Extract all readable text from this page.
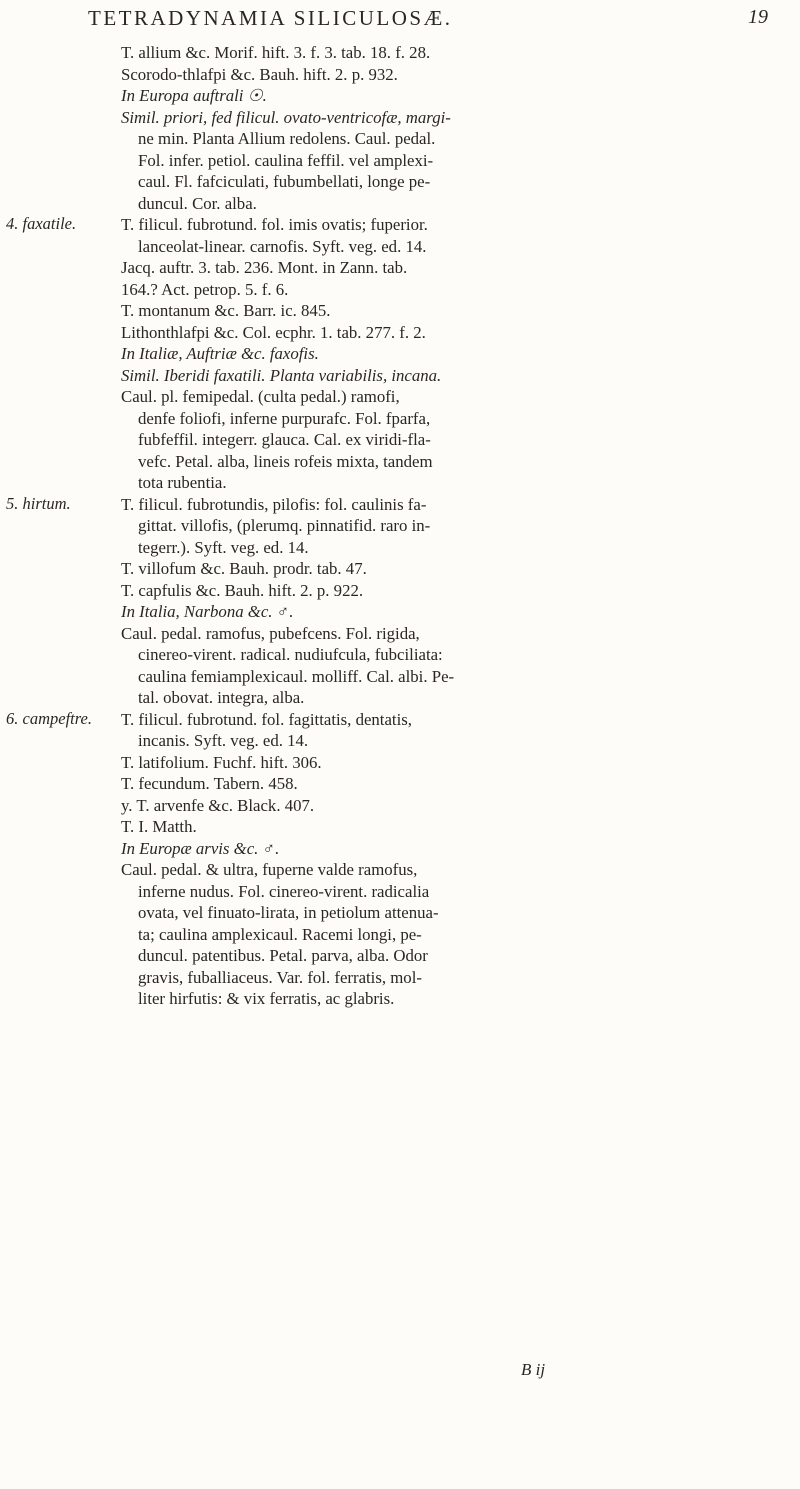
TETRADYNAMIA SILICULOSÆ.	19
T. allium &c. Morif. hift. 3. f. 3. tab. 18. f. 28.
Scorodo-thlafpi &c. Bauh. hift. 2. p. 932.
In Europa auftrali ☉.
Simil. priori, fed filicul. ovato-ventricofæ, margi-
ne min. Planta Allium redolens. Caul. pedal.
Fol. infer. petiol. caulina feffil. vel amplexi-
caul. Fl. fafciculati, fubumbellati, longe pe-
duncul. Cor. alba.
4. faxatile.	T. filicul. fubrotund. fol. imis ovatis; fuperior.
lanceolat-linear. carnofis. Syft. veg. ed. 14.
Jacq. auftr. 3. tab. 236. Mont. in Zann. tab.
164.? Act. petrop. 5. f. 6.
T. montanum &c. Barr. ic. 845.
Lithonthlafpi &c. Col. ecphr. 1. tab. 277. f. 2.
In Italiæ, Auftriæ &c. faxofis.
Simil. Iberidi faxatili. Planta variabilis, incana.
Caul. pl. femipedal. (culta pedal.) ramofi,
denfe foliofi, inferne purpurafc. Fol. fparfa,
fubfeffil. integerr. glauca. Cal. ex viridi-fla-
vefc. Petal. alba, lineis rofeis mixta, tandem
tota rubentia.
5. hirtum.	T. filicul. fubrotundis, pilofis: fol. caulinis fa-
gittat. villofis, (plerumq. pinnatifid. raro in-
tegerr.). Syft. veg. ed. 14.
T. villofum &c. Bauh. prodr. tab. 47.
T. capfulis &c. Bauh. hift. 2. p. 922.
In Italia, Narbona &c. ♂.
Caul. pedal. ramofus, pubefcens. Fol. rigida,
cinereo-virent. radical. nudiufcula, fubciliata:
caulina femiamplexicaul. molliff. Cal. albi. Pe-
tal. obovat. integra, alba.
6. campeftre.	T. filicul. fubrotund. fol. fagittatis, dentatis,
incanis. Syft. veg. ed. 14.
T. latifolium. Fuchf. hift. 306.
T. fecundum. Tabern. 458.
y. T. arvenfe &c. Black. 407.
T. I. Matth.
In Europæ arvis &c. ♂.
Caul. pedal. & ultra, fuperne valde ramofus,
inferne nudus. Fol. cinereo-virent. radicalia
ovata, vel finuato-lirata, in petiolum attenua-
ta; caulina amplexicaul. Racemi longi, pe-
duncul. patentibus. Petal. parva, alba. Odor
gravis, fuballiaceus. Var. fol. ferratis, mol-
liter hirfutis: & vix ferratis, ac glabris.
B ij
